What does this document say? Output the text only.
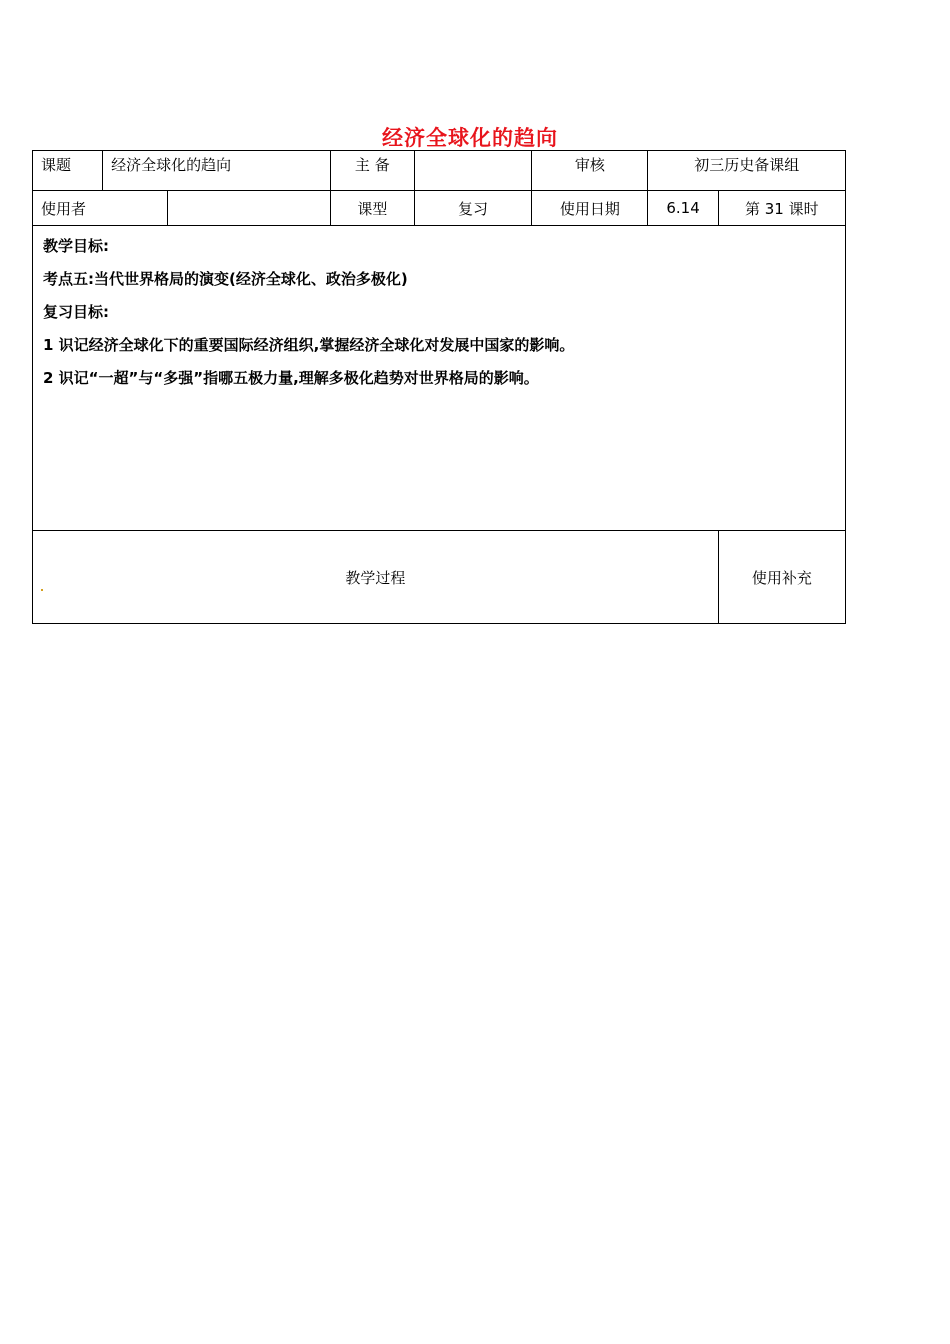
经济全球化的趋向
课题	经济全球化的趋向		主 备		审核	初三历史备课组	
使用者			课型	复习	使用日期	6.14	第 31 课时

教学目标:
考点五:当代世界格局的演变(经济全球化、政治多极化)
复习目标:
1 识记经济全球化下的重要国际经济组织,掌握经济全球化对发展中国家的影响。
2 识记“一超”与“多强”指哪五极力量,理解多极化趋势对世界格局的影响。							

教学过程							使用补充
